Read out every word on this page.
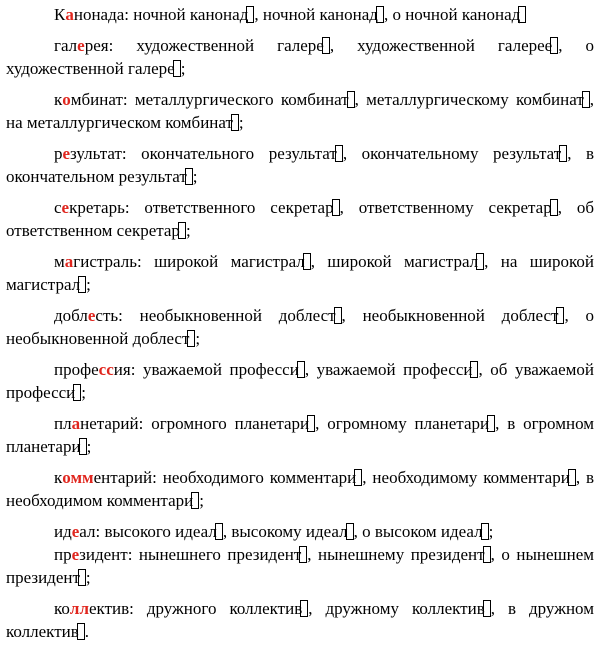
Канонада: ночной канонад , ночной канонад , о ночной канонад

галерея: художественной галере , художественной галерее , о художественной галере ;

комбинат: металлургического комбинат , металлургическому комбинат , на металлургическом комбинат ;

результат: окончательного результат , окончательному результат , в окончательном результат ;

секретарь: ответственного секретар , ответственному секретар , об ответственном секретар ;

магистраль: широкой магистрал , широкой магистрал , на широкой магистрал ;

доблесть: необыкновенной доблест , необыкновенной доблест , о необыкновенной доблест ;

профессия: уважаемой професси , уважаемой професси , об уважаемой професси ;

планетарий: огромного планетари , огромному планетари , в огромном планетари ;

комментарий: необходимого комментари , необходимому комментари , в необходимом комментари ;

идеал: высокого идеал , высокому идеал , о высоком идеал ;

президент: нынешнего президент , нынешнему президент , о нынешнем президент ;

коллектив: дружного коллектив , дружному коллектив , в дружном коллектив .
